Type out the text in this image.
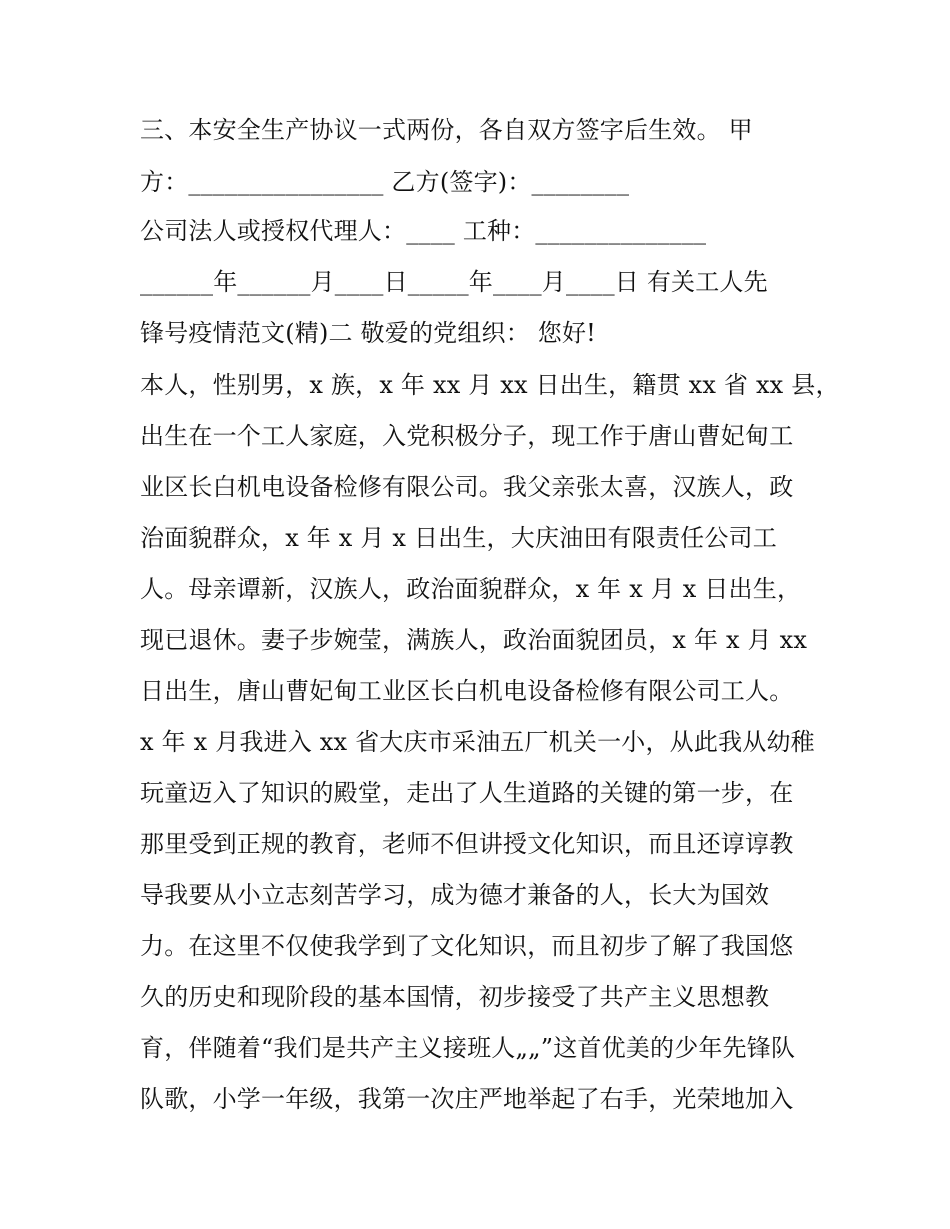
三、本安全生产协议一式两份，各自双方签字后生效。 甲
方：________________ 乙方(签字)：________
公司法人或授权代理人：____ 工种：______________
______年______月____日_____年____月____日 有关工人先
锋号疫情范文(精)二 敬爱的党组织： 您好!
本人，性别男，x 族，x 年 xx 月 xx 日出生，籍贯 xx 省 xx 县，
出生在一个工人家庭，入党积极分子，现工作于唐山曹妃甸工
业区长白机电设备检修有限公司。我父亲张太喜，汉族人，政
治面貌群众，x 年 x 月 x 日出生，大庆油田有限责任公司工
人。母亲谭新，汉族人，政治面貌群众，x 年 x 月 x 日出生，
现已退休。妻子步婉莹，满族人，政治面貌团员，x 年 x 月 xx
日出生，唐山曹妃甸工业区长白机电设备检修有限公司工人。
x 年 x 月我进入 xx 省大庆市采油五厂机关一小，从此我从幼稚
玩童迈入了知识的殿堂，走出了人生道路的关键的第一步，在
那里受到正规的教育，老师不但讲授文化知识，而且还谆谆教
导我要从小立志刻苦学习，成为德才兼备的人，长大为国效
力。在这里不仅使我学到了文化知识，而且初步了解了我国悠
久的历史和现阶段的基本国情，初步接受了共产主义思想教
育，伴随着“我们是共产主义接班人„„”这首优美的少年先锋队
队歌，小学一年级，我第一次庄严地举起了右手，光荣地加入
